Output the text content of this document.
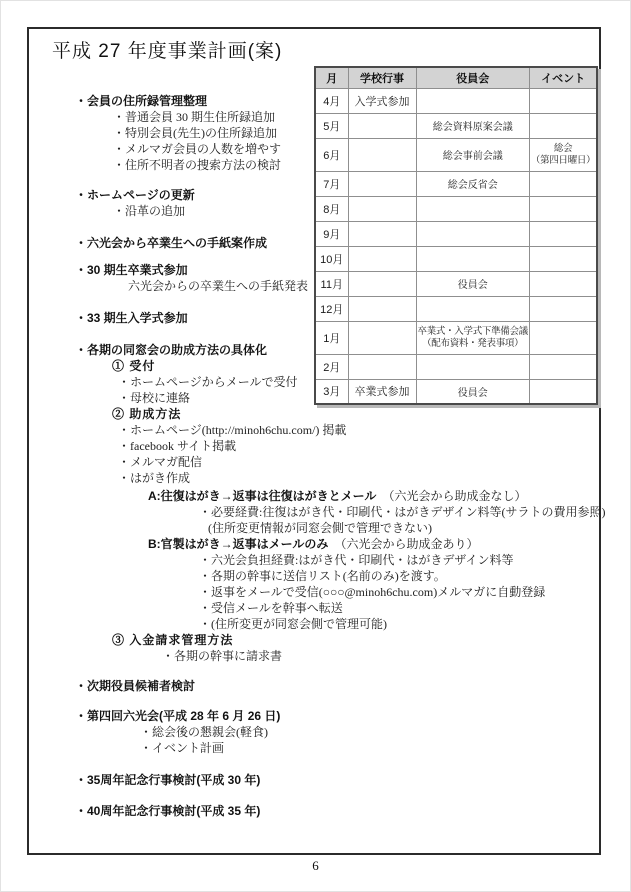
平成 27 年度事業計画(案)
月	学校行事	役員会	イベント
4月	入学式参加		
5月		総会資料原案会議	
6月		総会事前会議	総会
（第四日曜日）

7月		総会反省会	
8月			
9月			
10月			
11月		役員会	
12月			
1月		卒業式・入学式下準備会議
（配布資料・発表事項）	

2月			
3月	卒業式参加	役員会	
・会員の住所録管理整理
・普通会員 30 期生住所録追加
・特別会員(先生)の住所録追加
・メルマガ会員の人数を増やす
・住所不明者の捜索方法の検討
・ホームページの更新
・沿革の追加
・六光会から卒業生への手紙案作成
・30 期生卒業式参加
六光会からの卒業生への手紙発表
・33 期生入学式参加
・各期の同窓会の助成方法の具体化
① 受付
・ホームページからメールで受付
・母校に連絡
② 助成方法
・ホームページ(http://minoh6chu.com/) 掲載
・facebook サイト掲載
・メルマガ配信
・はがき作成
A:往復はがき→返事は往復はがきとメール （六光会から助成金なし）
・必要経費:往復はがき代・印刷代・はがきデザイン料等(サラトの費用参照)
(住所変更情報が同窓会側で管理できない)
B:官製はがき→返事はメールのみ （六光会から助成金あり）
・六光会負担経費:はがき代・印刷代・はがきデザイン料等
・各期の幹事に送信リスト(名前のみ)を渡す。
・返事をメールで受信(○○○@minoh6chu.com)メルマガに自動登録
・受信メールを幹事へ転送
・(住所変更が同窓会側で管理可能)
③ 入金請求管理方法
・各期の幹事に請求書
・次期役員候補者検討
・第四回六光会(平成 28 年 6 月 26 日)
・総会後の懇親会(軽食)
・イベント計画
・35周年記念行事検討(平成 30 年)
・40周年記念行事検討(平成 35 年)
6
